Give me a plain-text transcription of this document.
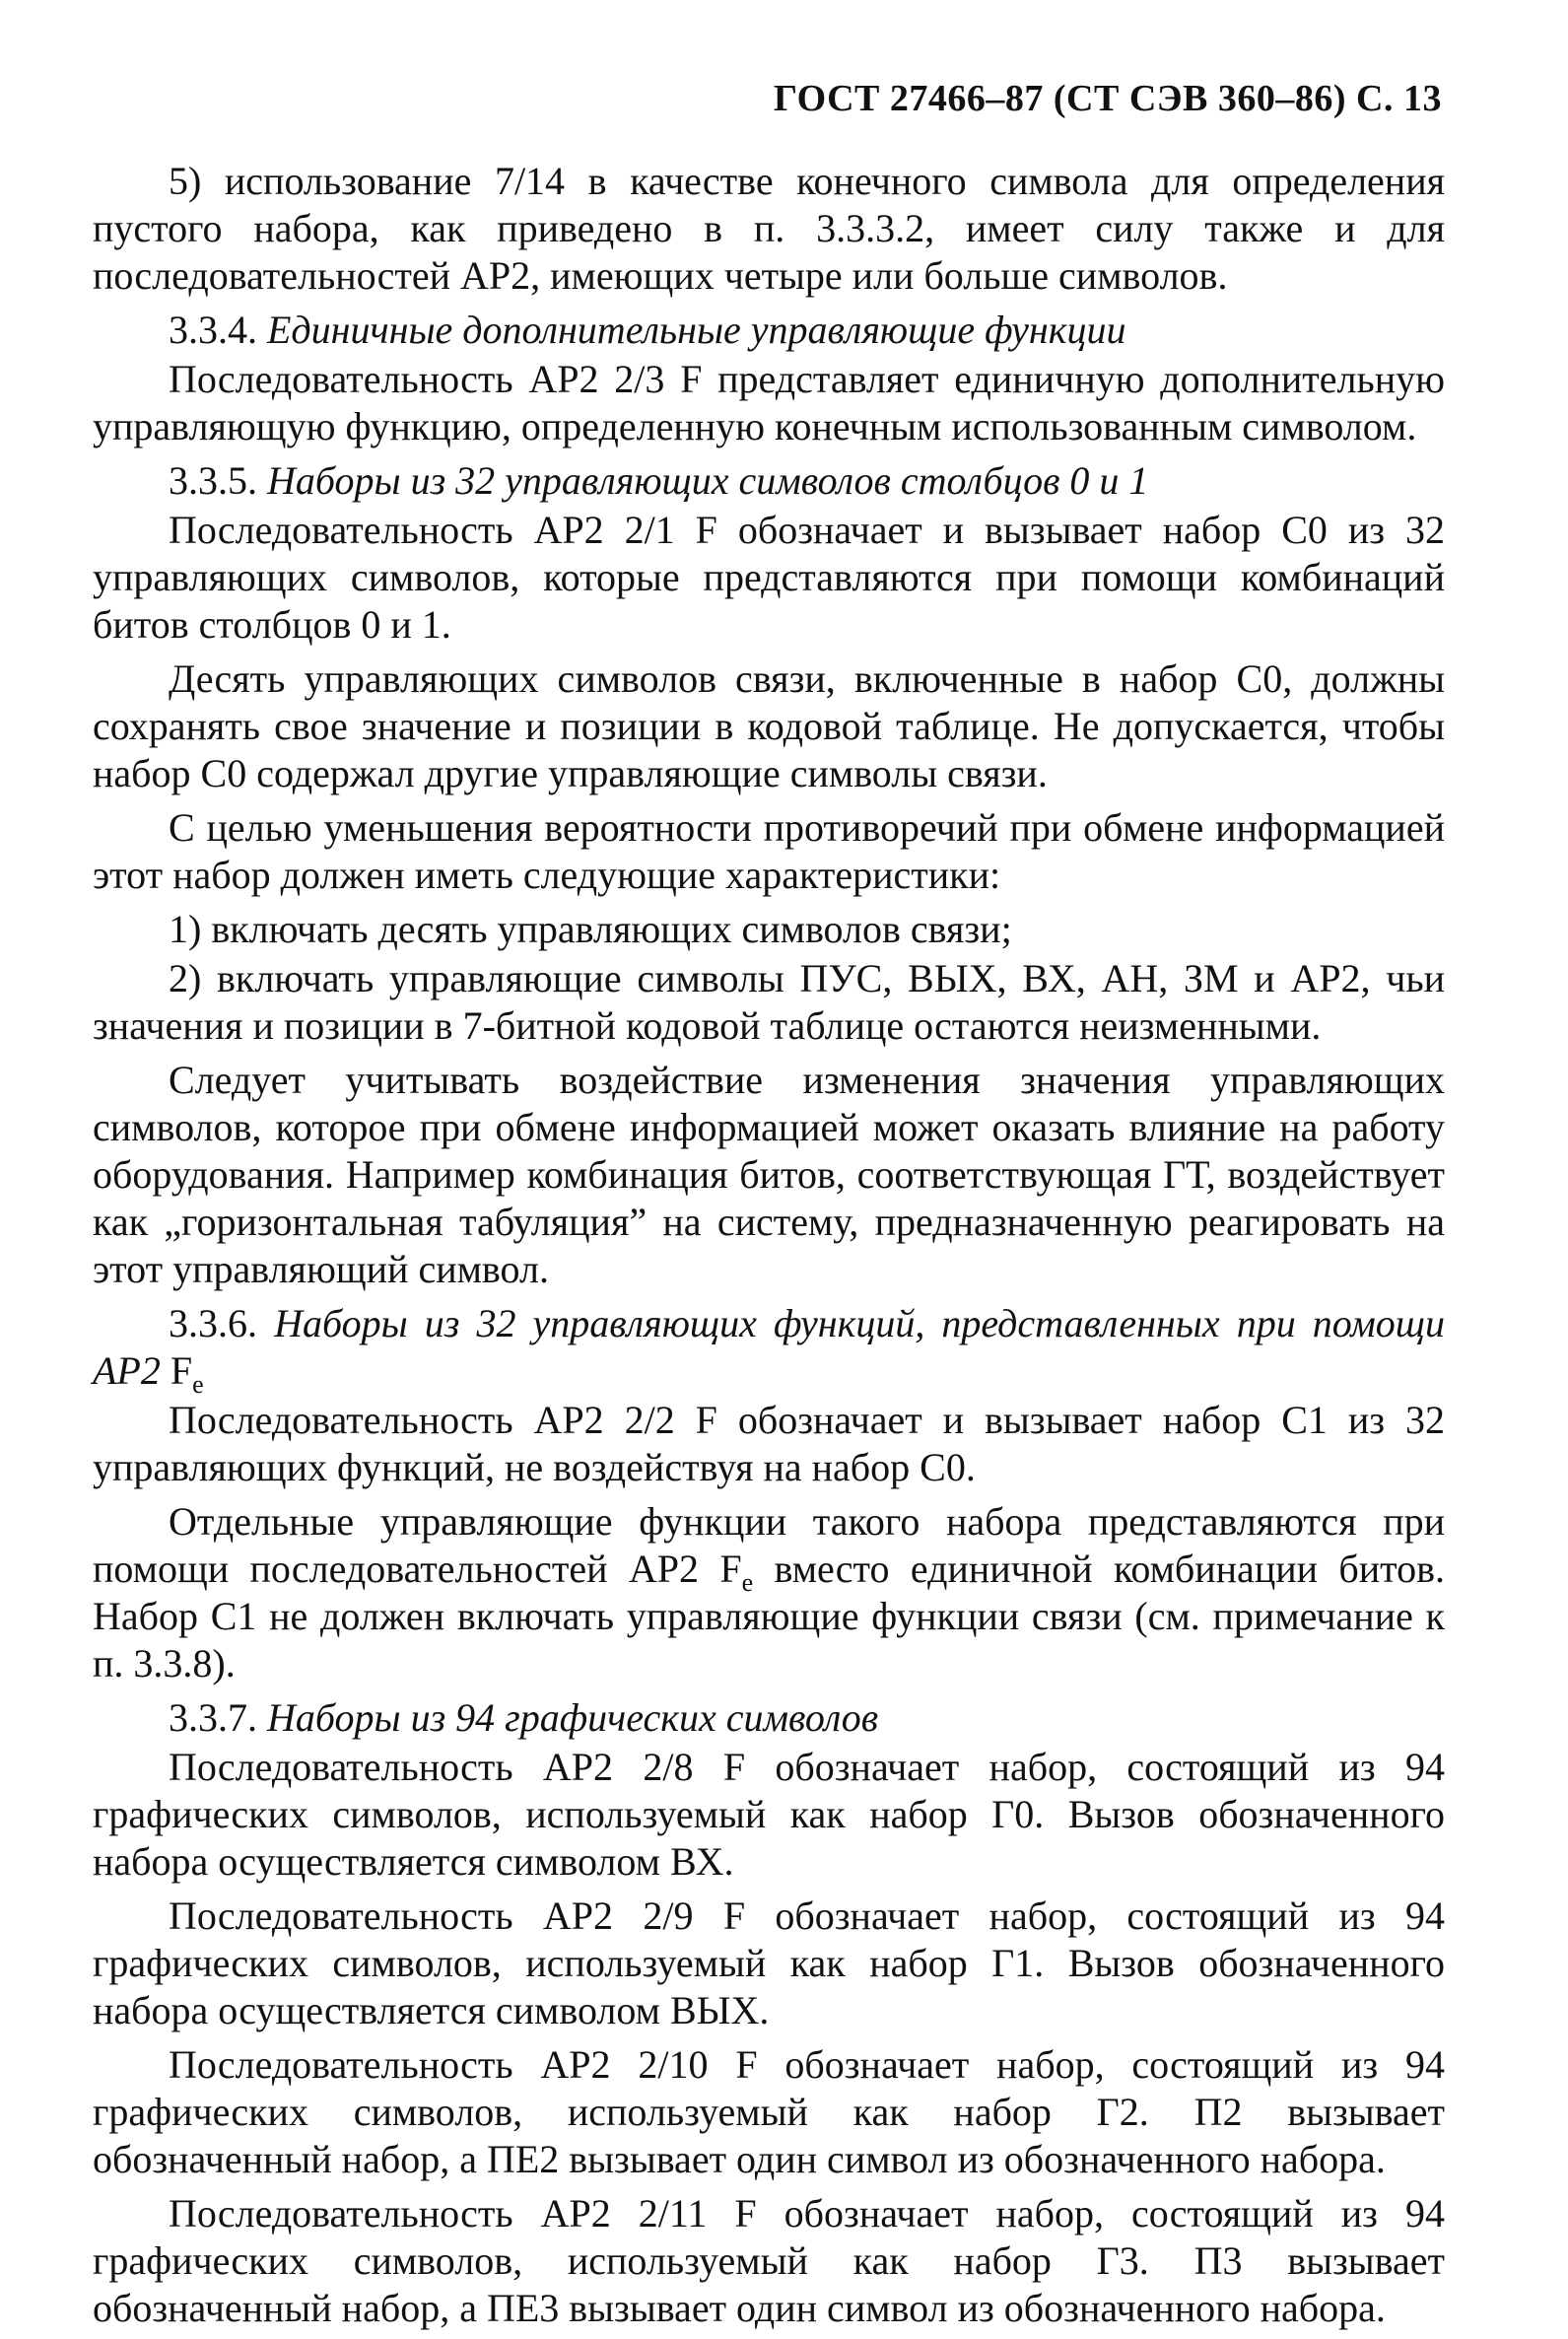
ГОСТ 27466–87 (СТ СЭВ 360–86) С. 13

5) использование 7/14 в качестве конечного символа для определения пустого набора, как приведено в п. 3.3.3.2, имеет силу также и для последовательностей АР2, имеющих четыре или больше символов.

3.3.4. Единичные дополнительные управляющие функции

Последовательность АР2 2/3 F представляет единичную дополнительную управляющую функцию, определенную конечным использованным символом.

3.3.5. Наборы из 32 управляющих символов столбцов 0 и 1

Последовательность АР2 2/1 F обозначает и вызывает набор С0 из 32 управляющих символов, которые представляются при помощи комбинаций битов столбцов 0 и 1.

Десять управляющих символов связи, включенные в набор С0, должны сохранять свое значение и позиции в кодовой таблице. Не допускается, чтобы набор С0 содержал другие управляющие символы связи.

С целью уменьшения вероятности противоречий при обмене информацией этот набор должен иметь следующие характеристики:

1) включать десять управляющих символов связи;

2) включать управляющие символы ПУС, ВЫХ, ВХ, АН, ЗМ и АР2, чьи значения и позиции в 7-битной кодовой таблице остаются неизменными.

Следует учитывать воздействие изменения значения управляющих символов, которое при обмене информацией может оказать влияние на работу оборудования. Например комбинация битов, соответствующая ГТ, воздействует как „горизонтальная табуляция” на систему, предназначенную реагировать на этот управляющий символ.

3.3.6. Наборы из 32 управляющих функций, представленных при помощи АР2 $F_e$

Последовательность АР2 2/2 F обозначает и вызывает набор С1 из 32 управляющих функций, не воздействуя на набор С0.

Отдельные управляющие функции такого набора представляются при помощи последовательностей АР2 $F_e$ вместо единичной комбинации битов. Набор С1 не должен включать управляющие функции связи (см. примечание к п. 3.3.8).

3.3.7. Наборы из 94 графических символов

Последовательность АР2 2/8 F обозначает набор, состоящий из 94 графических символов, используемый как набор Г0. Вызов обозначенного набора осуществляется символом ВХ.

Последовательность АР2 2/9 F обозначает набор, состоящий из 94 графических символов, используемый как набор Г1. Вызов обозначенного набора осуществляется символом ВЫХ.

Последовательность АР2 2/10 F обозначает набор, состоящий из 94 графических символов, используемый как набор Г2. П2 вызывает обозначенный набор, а ПЕ2 вызывает один символ из обозначенного набора.

Последовательность АР2 2/11 F обозначает набор, состоящий из 94 графических символов, используемый как набор Г3. П3 вызывает обозначенный набор, а ПЕ3 вызывает один символ из обозначенного набора.
